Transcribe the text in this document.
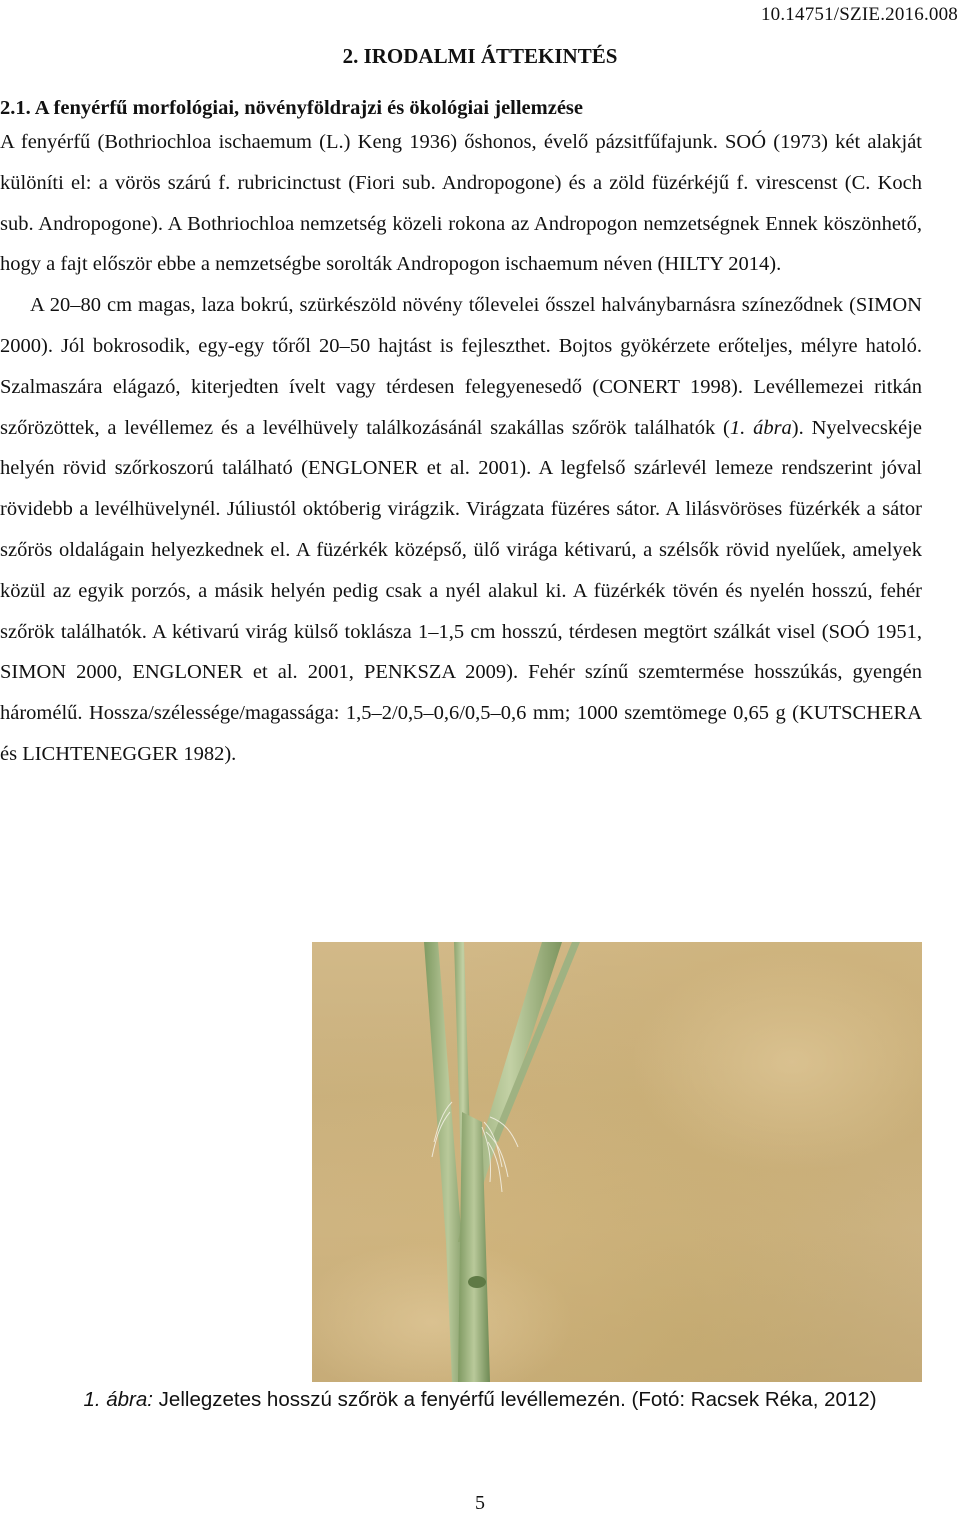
10.14751/SZIE.2016.008
2. IRODALMI ÁTTEKINTÉS

2.1. A fenyérfű morfológiai, növényföldrajzi és ökológiai jellemzése

A fenyérfű (Bothriochloa ischaemum (L.) Keng 1936) őshonos, évelő pázsitfűfajunk. SOÓ (1973) két alakját különíti el: a vörös szárú f. rubricinctust (Fiori sub. Andropogone) és a zöld füzérkéjű f. virescenst (C. Koch sub. Andropogone). A Bothriochloa nemzetség közeli rokona az Andropogon nemzetségnek Ennek köszönhető, hogy a fajt először ebbe a nemzetségbe sorolták Andropogon ischaemum néven (HILTY 2014).

A 20–80 cm magas, laza bokrú, szürkészöld növény tőlevelei ősszel halványbarnásra színeződnek (SIMON 2000). Jól bokrosodik, egy-egy tőről 20–50 hajtást is fejleszthet. Bojtos gyökérzete erőteljes, mélyre hatoló. Szalmaszára elágazó, kiterjedten ívelt vagy térdesen felegyenesedő (CONERT 1998). Levéllemezei ritkán szőrözöttek, a levéllemez és a levélhüvely találkozásánál szakállas szőrök találhatók (1. ábra). Nyelvecskéje helyén rövid szőrkoszorú található (ENGLONER et al. 2001). A legfelső szárlevél lemeze rendszerint jóval rövidebb a levélhüvelynél. Júliustól októberig virágzik. Virágzata füzéres sátor. A lilásvöröses füzérkék a sátor szőrös oldalágain helyezkednek el. A füzérkék középső, ülő virága kétivarú, a szélsők rövid nyelűek, amelyek közül az egyik porzós, a másik helyén pedig csak a nyél alakul ki. A füzérkék tövén és nyelén hosszú, fehér szőrök találhatók. A kétivarú virág külső toklásza 1–1,5 cm hosszú, térdesen megtört szálkát visel (SOÓ 1951, SIMON 2000, ENGLONER et al. 2001, PENKSZA 2009). Fehér színű szemtermése hosszúkás, gyengén háromélű. Hossza/szélessége/magassága: 1,5–2/0,5–0,6/0,5–0,6 mm; 1000 szemtömege 0,65 g (KUTSCHERA és LICHTENEGGER 1982).

1. ábra: Jellegzetes hosszú szőrök a fenyérfű levéllemezén. (Fotó: Racsek Réka, 2012)
5
